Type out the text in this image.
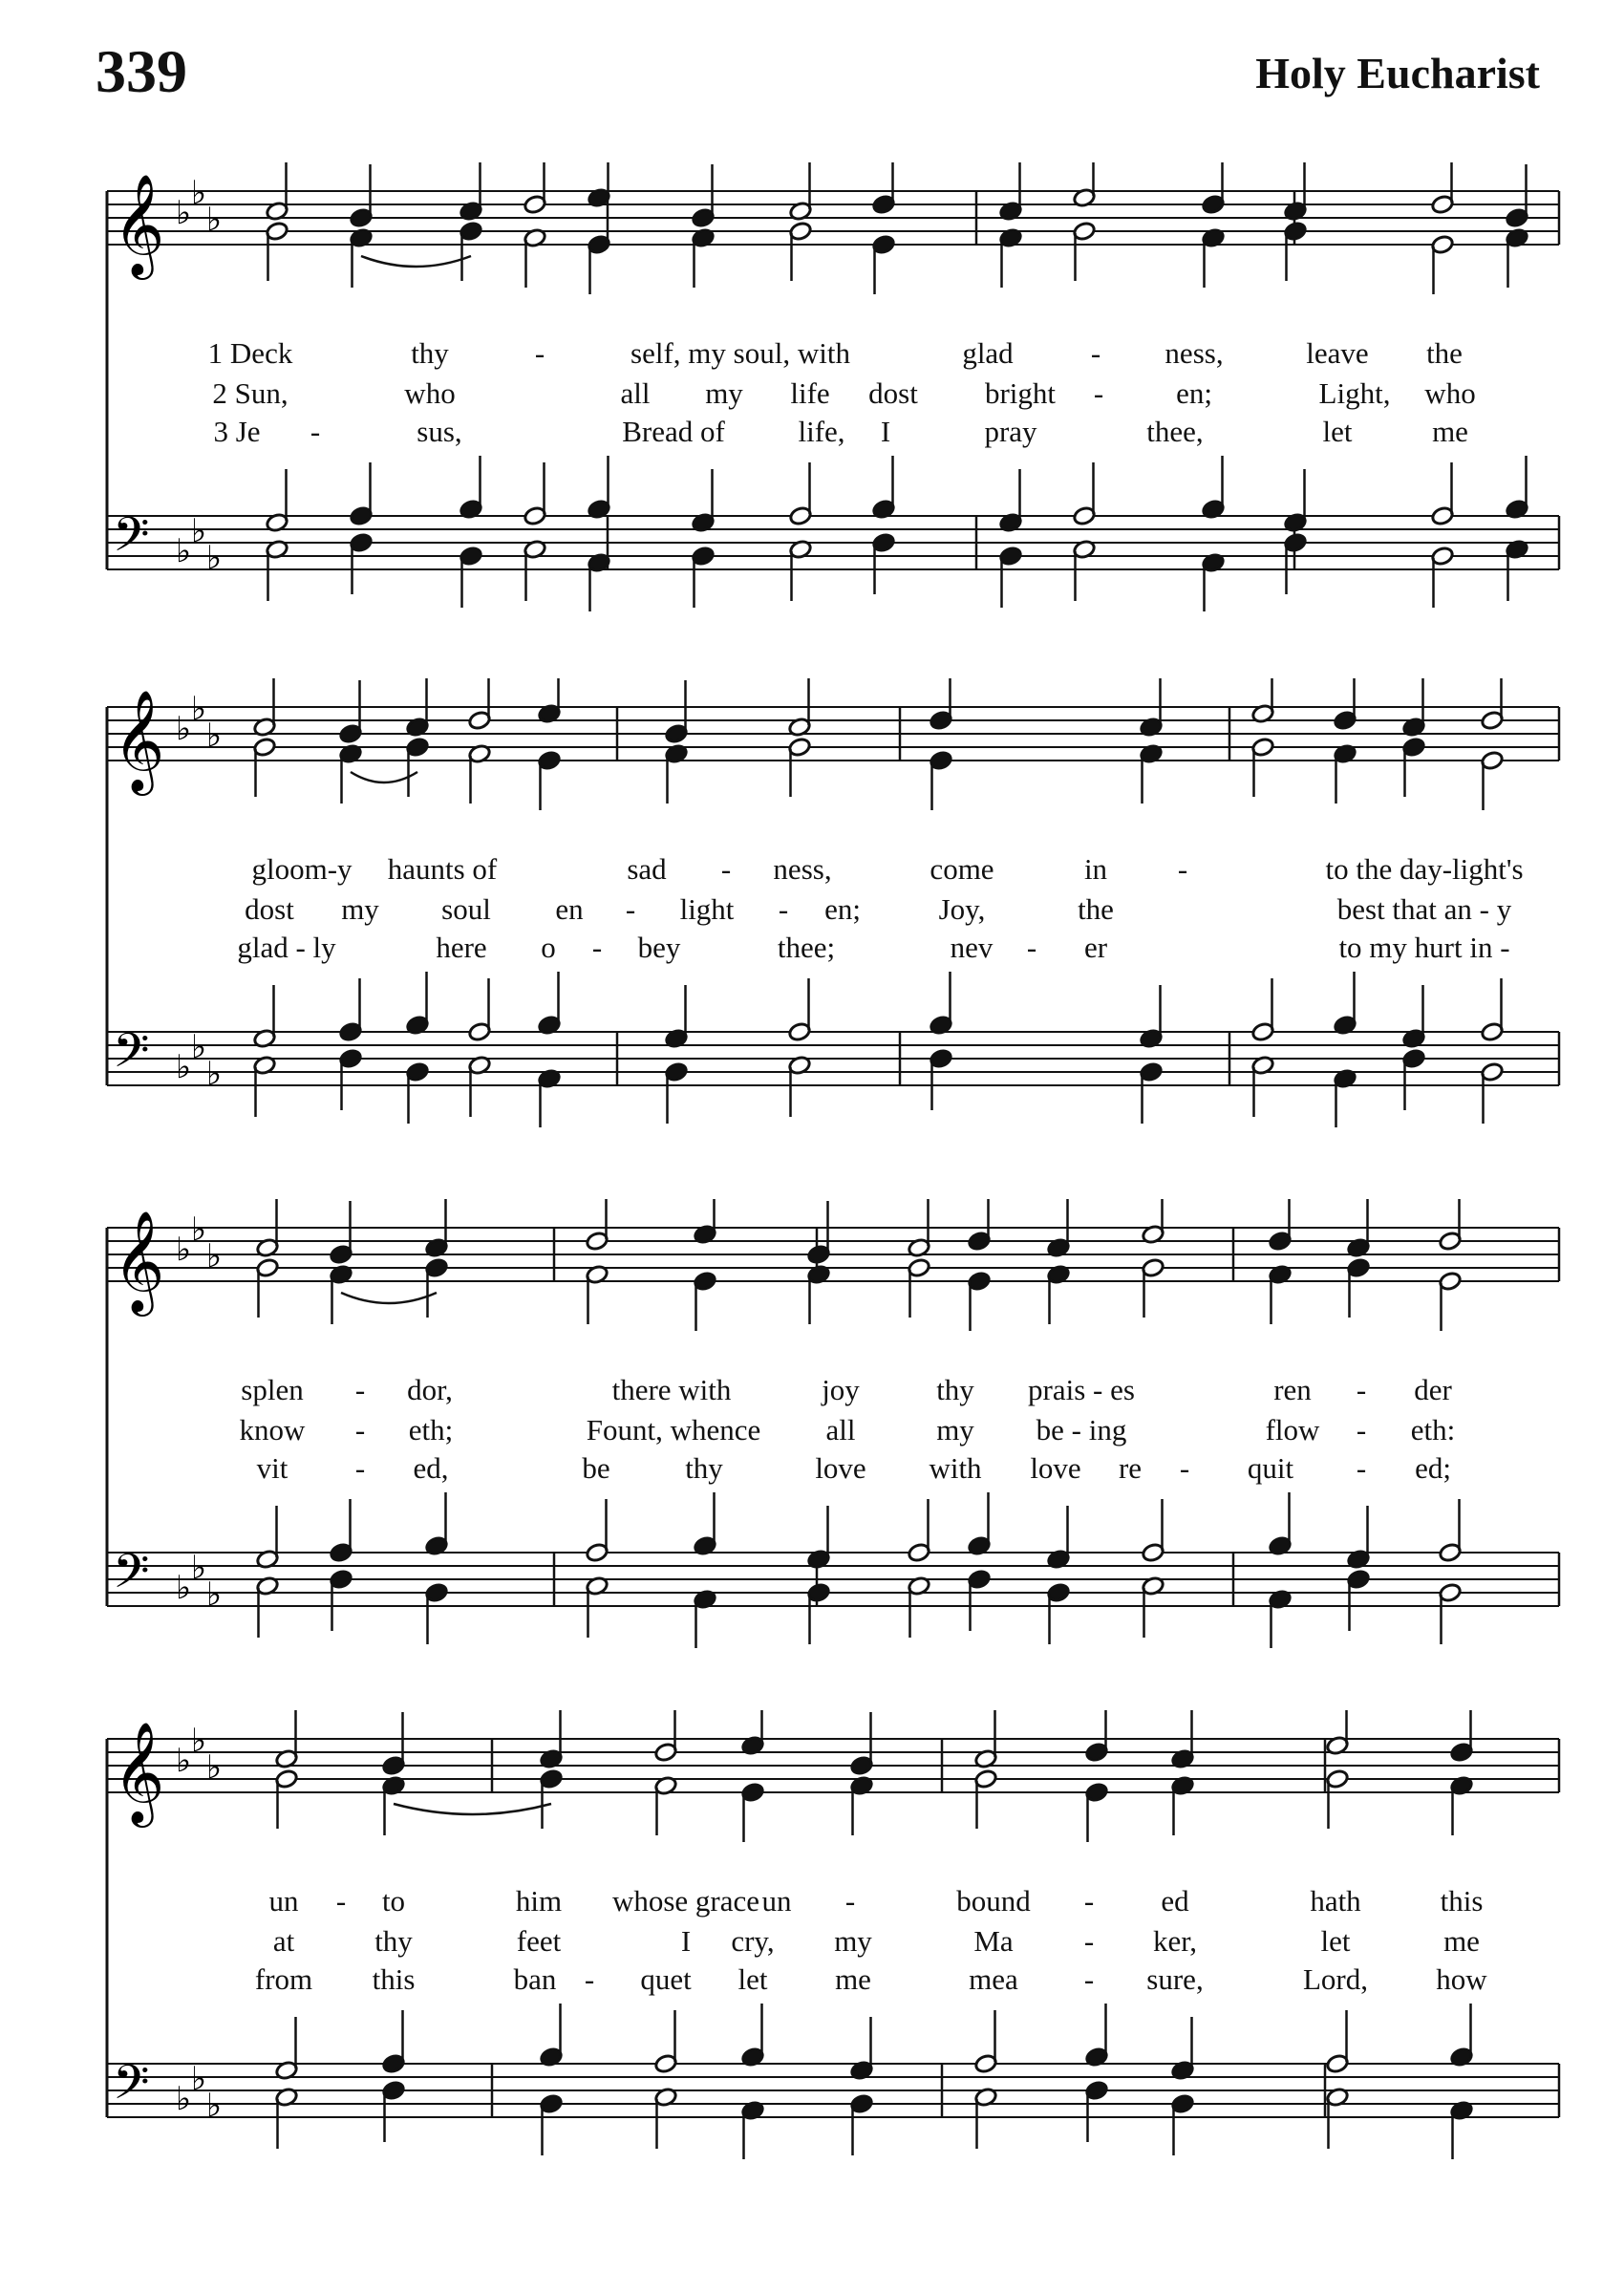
339	Holy Eucharist
𝄞
𝄢
♭
♭
♭
♭
♭
♭
1 Deck	thy	-	self, my soul, with	glad	- ness,	leave the
2 Sun,	who	all my life dost bright - en;	Light, who
3 Je -	sus,	Bread of life, I	pray	thee,	let	me
𝄞
𝄢
♭
♭
♭
♭
♭
♭
gloom-y haunts of	sad - ness,	come	in -	to the day-light's
dost my soul en - light - en;	Joy,	the	best that an - y
glad - ly	here o - bey	thee;	nev - er	to my hurt in -
𝄞
𝄢
♭
♭
♭
♭
♭
♭
splen - dor,	there with	joy	thy prais - es	ren - der
know - eth;	Fount, whence all	my be - ing	flow - eth:
vit - ed,	be	thy	love with love re - quit - ed;
𝄞
𝄢
♭
♭
♭
♭
♭
♭
un - to	him whose grace un -	bound - ed	hath	this
at	thy	feet	I cry, my	Ma - ker,	let	me
from this	ban - quet let me	mea - sure,	Lord, how
